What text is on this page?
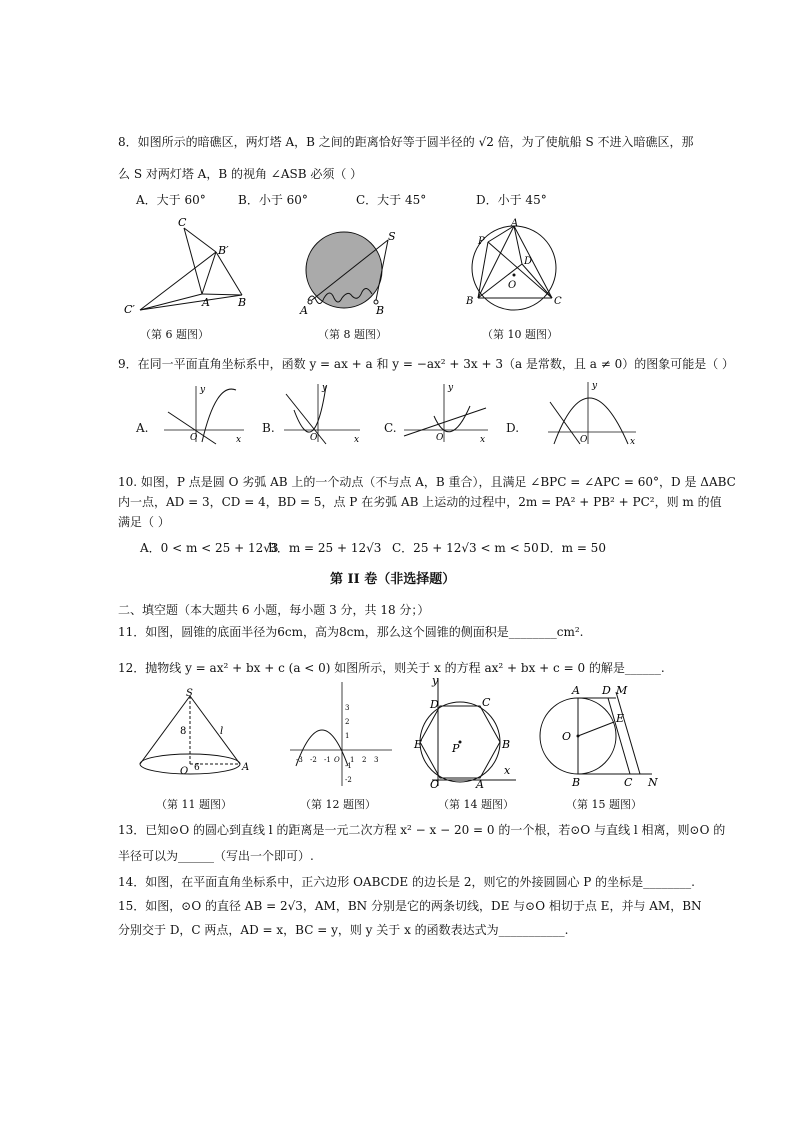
8．如图所示的暗礁区，两灯塔 A，B 之间的距离恰好等于圆半径的 √2 倍，为了使航船 S 不进入暗礁区，那
么 S 对两灯塔 A，B 的视角 ∠ASB 必须（ ）
A．大于 60°	B．小于 60°	C．大于 45°	D．小于 45°
C
B′
C′
A	B
（第 6 题图）
S
A	B
（第 8 题图）
P
A
D
O
B	C
（第 10 题图）
9．在同一平面直角坐标系中，函数 y = ax + a 和 y = −ax² + 3x + 3（a 是常数，且 a ≠ 0）的图象可能是（ ）
A.
y
x
O
B.
y
x
O
C.
y
x
O
D.
y
x
O
10. 如图，P 点是圆 O 劣弧 AB 上的一个动点（不与点 A，B 重合），且满足 ∠BPC = ∠APC = 60°，D 是 ΔABC
内一点，AD = 3，CD = 4，BD = 5，点 P 在劣弧 AB 上运动的过程中，2m = PA² + PB² + PC²，则 m 的值
满足（ ）
A．0 < m < 25 + 12√3
B．m = 25 + 12√3 C．25 + 12√3 < m < 50 D．m = 50
第 II 卷（非选择题）
二、填空题（本大题共 6 小题，每小题 3 分，共 18 分；）
11．如图，圆锥的底面半径为6cm，高为8cm，那么这个圆锥的侧面积是________cm².
12．抛物线 y = ax² + bx + c (a < 0) 如图所示，则关于 x 的方程 ax² + bx + c = 0 的解是______.
S
8	l
O 6	A
（第 11 题图）
-3 -2 -1 O 1 2 3
3
2
1
-1
-2
（第 12 题图）
y
D	C
E	P	B
O	A
x
（第 14 题图）
A D M
E
O
B	C N
（第 15 题图）
13．已知⊙O 的圆心到直线 l 的距离是一元二次方程 x² − x − 20 = 0 的一个根，若⊙O 与直线 l 相离，则⊙O 的
半径可以为______（写出一个即可）.
14．如图，在平面直角坐标系中，正六边形 OABCDE 的边长是 2，则它的外接圆圆心 P 的坐标是________.
15．如图，⊙O 的直径 AB = 2√3，AM，BN 分别是它的两条切线，DE 与⊙O 相切于点 E，并与 AM，BN
分别交于 D，C 两点，AD = x，BC = y，则 y 关于 x 的函数表达式为___________.
